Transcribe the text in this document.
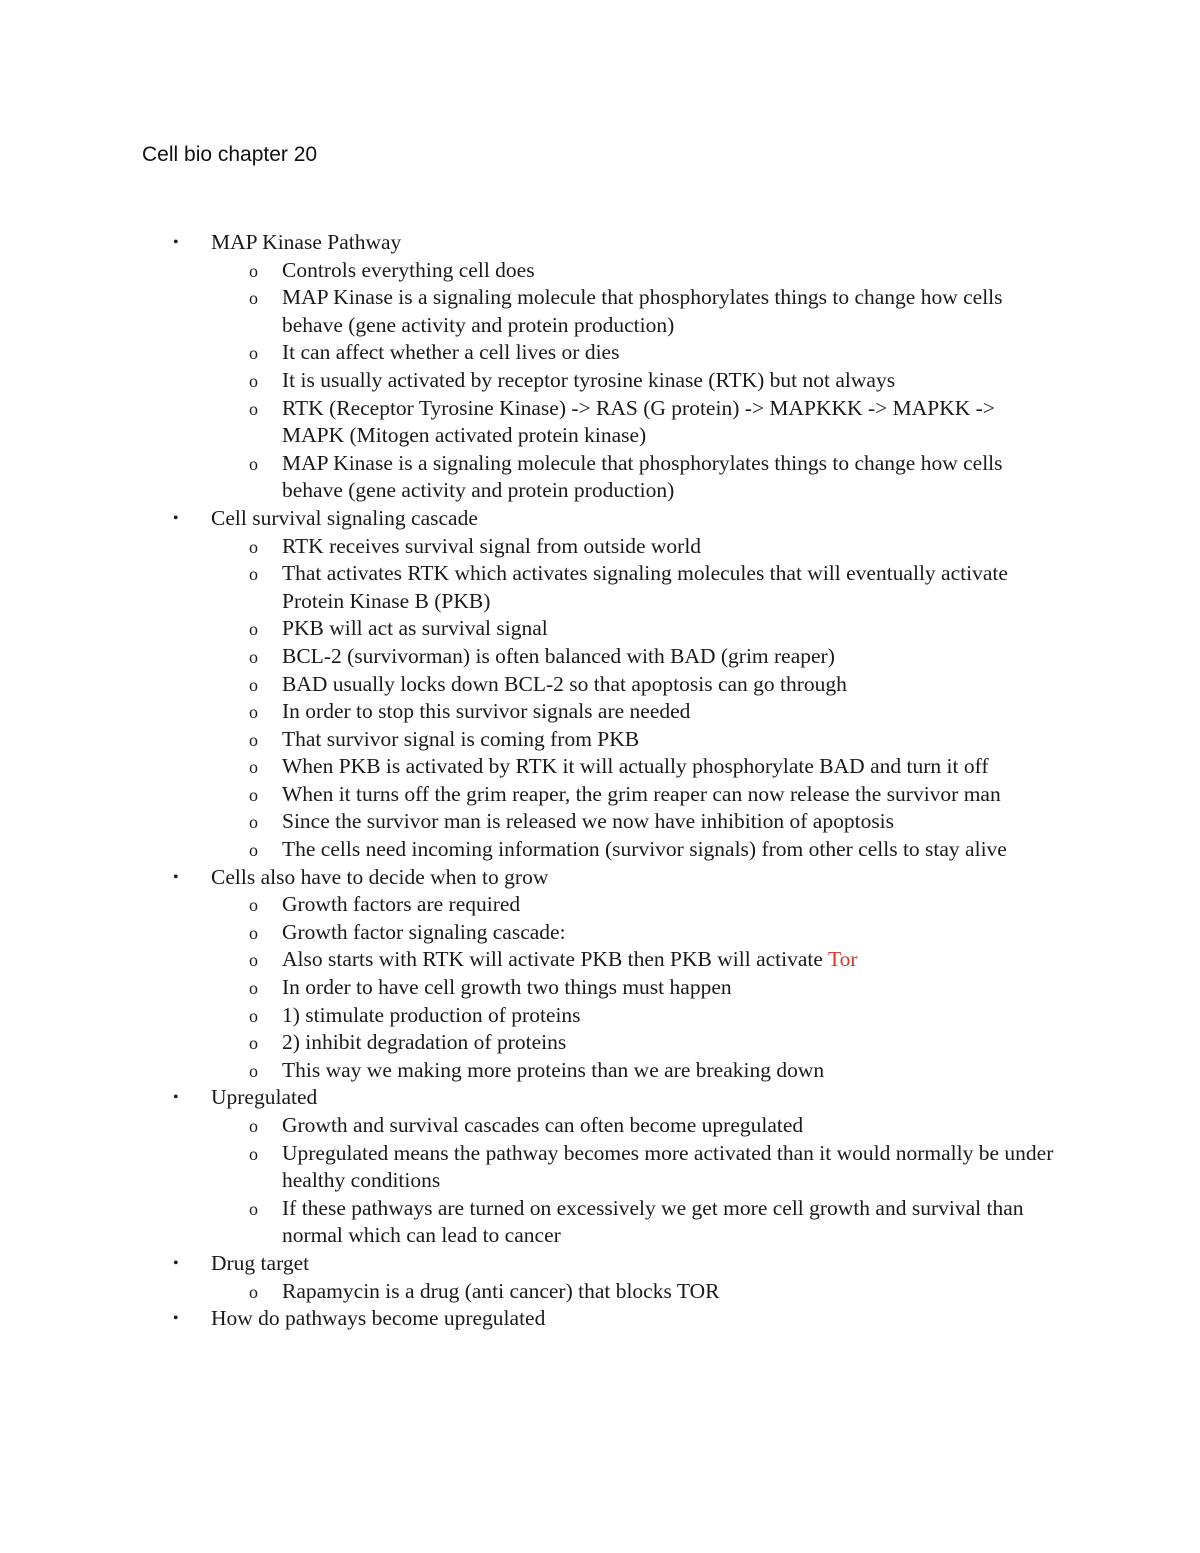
Cell bio chapter 20
• MAP Kinase Pathway
o Controls everything cell does
o MAP Kinase is a signaling molecule that phosphorylates things to change how cells behave (gene activity and protein production)
o It can affect whether a cell lives or dies
o It is usually activated by receptor tyrosine kinase (RTK) but not always
o RTK (Receptor Tyrosine Kinase) -> RAS (G protein) -> MAPKKK -> MAPKK -> MAPK (Mitogen activated protein kinase)
o MAP Kinase is a signaling molecule that phosphorylates things to change how cells behave (gene activity and protein production)
• Cell survival signaling cascade
o RTK receives survival signal from outside world
o That activates RTK which activates signaling molecules that will eventually activate Protein Kinase B (PKB)
o PKB will act as survival signal
o BCL-2 (survivorman) is often balanced with BAD (grim reaper)
o BAD usually locks down BCL-2 so that apoptosis can go through
o In order to stop this survivor signals are needed
o That survivor signal is coming from PKB
o When PKB is activated by RTK it will actually phosphorylate BAD and turn it off
o When it turns off the grim reaper, the grim reaper can now release the survivor man
o Since the survivor man is released we now have inhibition of apoptosis
o The cells need incoming information (survivor signals) from other cells to stay alive
• Cells also have to decide when to grow
o Growth factors are required
o Growth factor signaling cascade:
o Also starts with RTK will activate PKB then PKB will activate Tor
o In order to have cell growth two things must happen
o 1) stimulate production of proteins
o 2) inhibit degradation of proteins
o This way we making more proteins than we are breaking down
• Upregulated
o Growth and survival cascades can often become upregulated
o Upregulated means the pathway becomes more activated than it would normally be under healthy conditions
o If these pathways are turned on excessively we get more cell growth and survival than normal which can lead to cancer
• Drug target
o Rapamycin is a drug (anti cancer) that blocks TOR
• How do pathways become upregulated
